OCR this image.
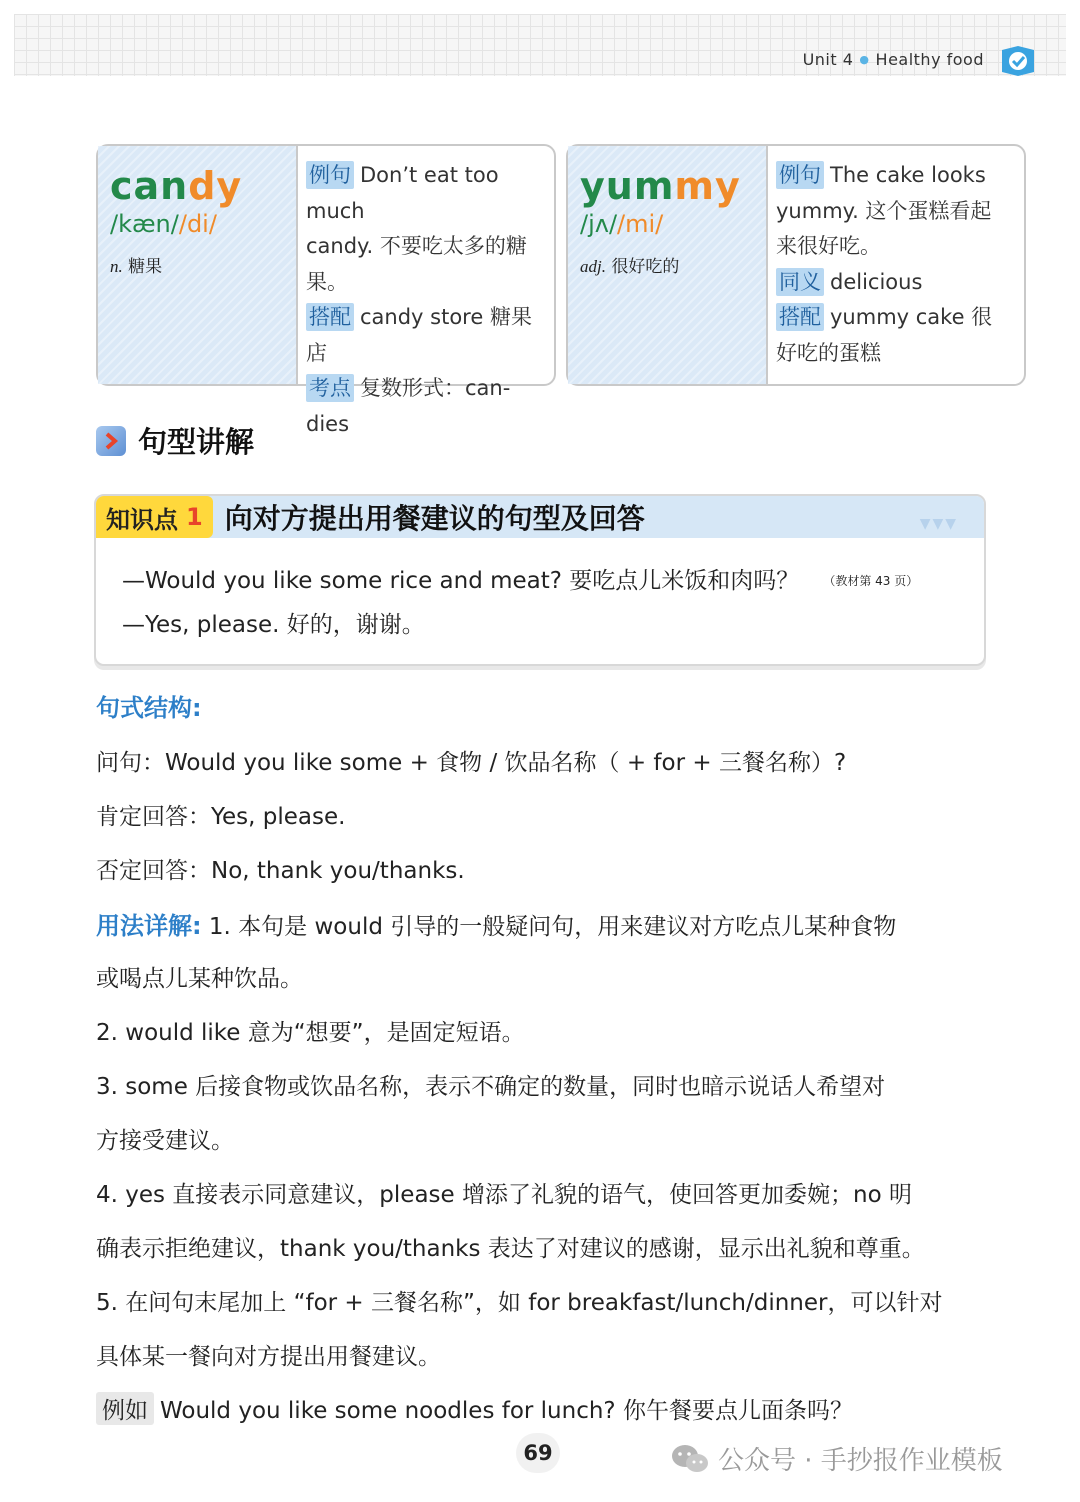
Unit 4 ● Healthy food
candy
/kæn//di/
n. 糖果
例句 Don’t eat too much
candy. 不要吃太多的糖
果。
搭配 candy store 糖果店
考点 复数形式：can-
dies
yummy
/jʌ//mi/
adj. 很好吃的
例句 The cake looks
yummy. 这个蛋糕看起
来很好吃。
同义 delicious
搭配 yummy cake 很
好吃的蛋糕
句型讲解
知识点 1 向对方提出用餐建议的句型及回答	▼▼▼
—Would you like some rice and meat? 要吃点儿米饭和肉吗？ （教材第 43 页）
—Yes, please. 好的，谢谢。
句式结构:
问句：Would you like some + 食物 / 饮品名称（ + for + 三餐名称）?
肯定回答：Yes, please.
否定回答：No, thank you/thanks.
用法详解: 1. 本句是 would 引导的一般疑问句，用来建议对方吃点儿某种食物
或喝点儿某种饮品。
2. would like 意为“想要”，是固定短语。
3. some 后接食物或饮品名称，表示不确定的数量，同时也暗示说话人希望对
方接受建议。
4. yes 直接表示同意建议，please 增添了礼貌的语气，使回答更加委婉；no 明
确表示拒绝建议，thank you/thanks 表达了对建议的感谢，显示出礼貌和尊重。
5. 在问句末尾加上 “for + 三餐名称”，如 for breakfast/lunch/dinner，可以针对
具体某一餐向对方提出用餐建议。
例如 Would you like some noodles for lunch? 你午餐要点儿面条吗？
69	公众号 · 手抄报作业模板
